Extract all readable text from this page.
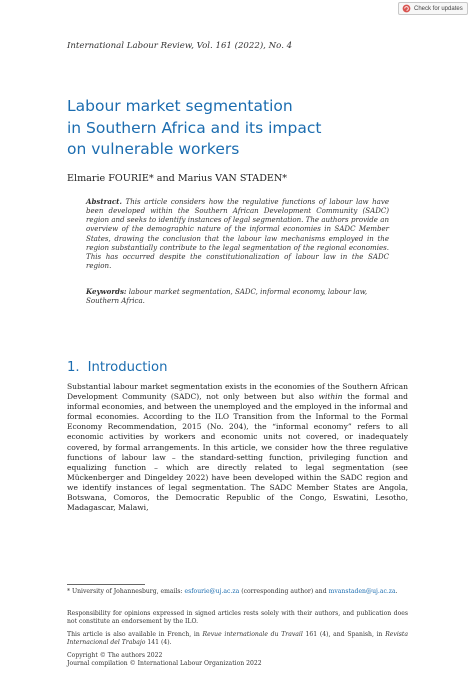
Check for updates
International Labour Review, Vol. 161 (2022), No. 4
Labour market segmentation
in Southern Africa and its impact
on vulnerable workers
Elmarie FOURIE* and Marius VAN STADEN*
Abstract. This article considers how the regulative functions of labour law have been developed within the Southern African Development Community (SADC) region and seeks to identify instances of legal segmentation. The authors provide an overview of the demographic nature of the informal economies in SADC Member States, drawing the conclusion that the labour law mechanisms employed in the region substantially contribute to the legal segmentation of the regional economies. This has occurred despite the constitutionalization of labour law in the SADC region.
Keywords: labour market segmentation, SADC, informal economy, labour law, Southern Africa.
1. Introduction
Substantial labour market segmentation exists in the economies of the Southern African Development Community (SADC), not only between but also within the formal and informal economies, and between the unemployed and the employed in the informal and formal economies. According to the ILO Transition from the Informal to the Formal Economy Recommendation, 2015 (No. 204), the “informal economy” refers to all economic activities by workers and economic units not covered, or inadequately covered, by formal arrangements. In this article, we consider how the three regulative functions of labour law – the standard-setting function, privileging function and equalizing function – which are directly related to legal segmentation (see Mückenberger and Dingeldey 2022) have been developed within the SADC region and we identify instances of legal segmentation. The SADC Member States are Angola, Botswana, Comoros, the Democratic Republic of the Congo, Eswatini, Lesotho, Madagascar, Malawi,
* University of Johannesburg, emails: esfourie@uj.ac.za (corresponding author) and mvanstaden@uj.ac.za.
Responsibility for opinions expressed in signed articles rests solely with their authors, and publication does not constitute an endorsement by the ILO.
This article is also available in French, in Revue internationale du Travail 161 (4), and Spanish, in Revista Internacional del Trabajo 141 (4).
Copyright © The authors 2022
Journal compilation © International Labour Organization 2022
